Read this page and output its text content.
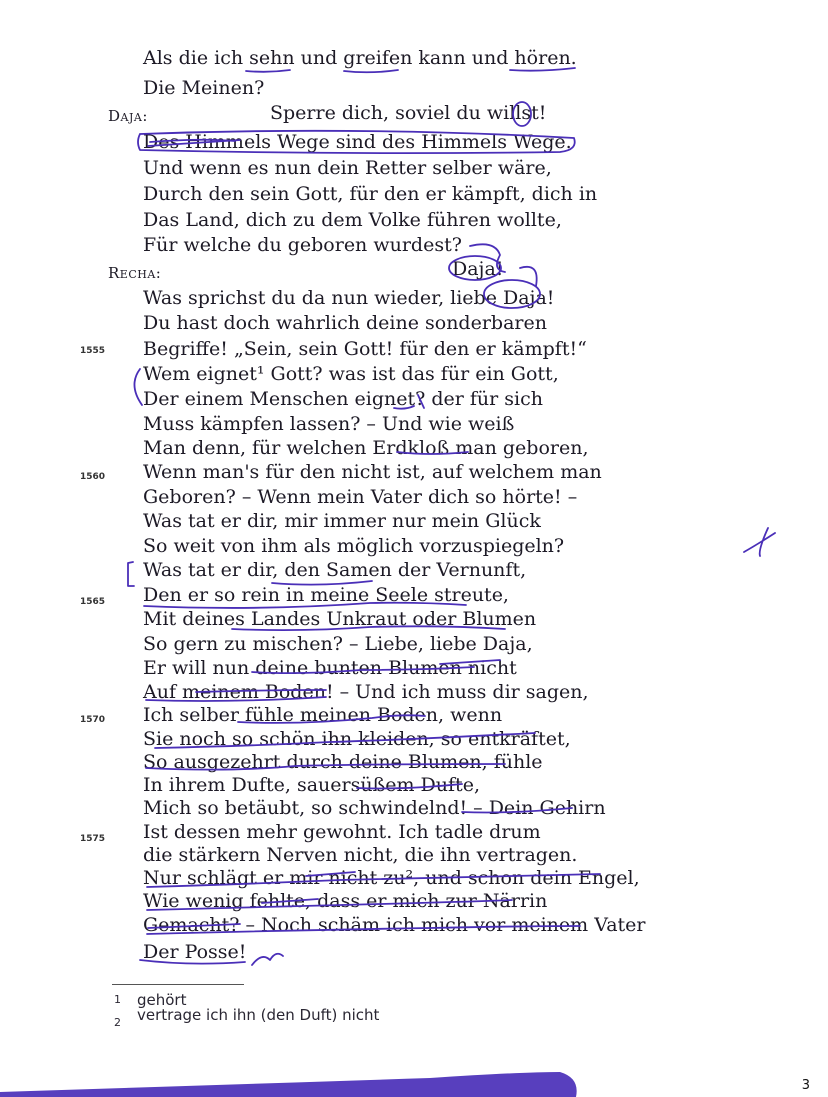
Als die ich sehn und greifen kann und hören.
Die Meinen?
Daja:	Sperre dich, soviel du willst!
Des Himmels Wege sind des Himmels Wege.
Und wenn es nun dein Retter selber wäre,
Durch den sein Gott, für den er kämpft, dich in
Das Land, dich zu dem Volke führen wollte,
Für welche du geboren wurdest?
Recha:	Daja!
Was sprichst du da nun wieder, liebe Daja!
Du hast doch wahrlich deine sonderbaren
Begriffe! „Sein, sein Gott! für den er kämpft!“
Wem eignet¹ Gott? was ist das für ein Gott,
Der einem Menschen eignet? der für sich
Muss kämpfen lassen? – Und wie weiß
Man denn, für welchen Erdkloß man geboren,
Wenn man's für den nicht ist, auf welchem man
Geboren? – Wenn mein Vater dich so hörte! –
Was tat er dir, mir immer nur mein Glück
So weit von ihm als möglich vorzuspiegeln?
Was tat er dir, den Samen der Vernunft,
Den er so rein in meine Seele streute,
Mit deines Landes Unkraut oder Blumen
So gern zu mischen? – Liebe, liebe Daja,
Er will nun deine bunten Blumen nicht
Auf meinem Boden! – Und ich muss dir sagen,
Ich selber fühle meinen Boden, wenn
Sie noch so schön ihn kleiden, so entkräftet,
So ausgezehrt durch deine Blumen, fühle
In ihrem Dufte, sauersüßem Dufte,
Mich so betäubt, so schwindelnd! – Dein Gehirn
Ist dessen mehr gewohnt. Ich tadle drum
die stärkern Nerven nicht, die ihn vertragen.
Nur schlägt er mir nicht zu², und schon dein Engel,
Wie wenig fehlte, dass er mich zur Närrin
Gemacht? – Noch schäm ich mich vor meinem Vater
Der Posse!
1555
1560
1565
1570
1575
1 gehört
2 vertrage ich ihn (den Duft) nicht
3
